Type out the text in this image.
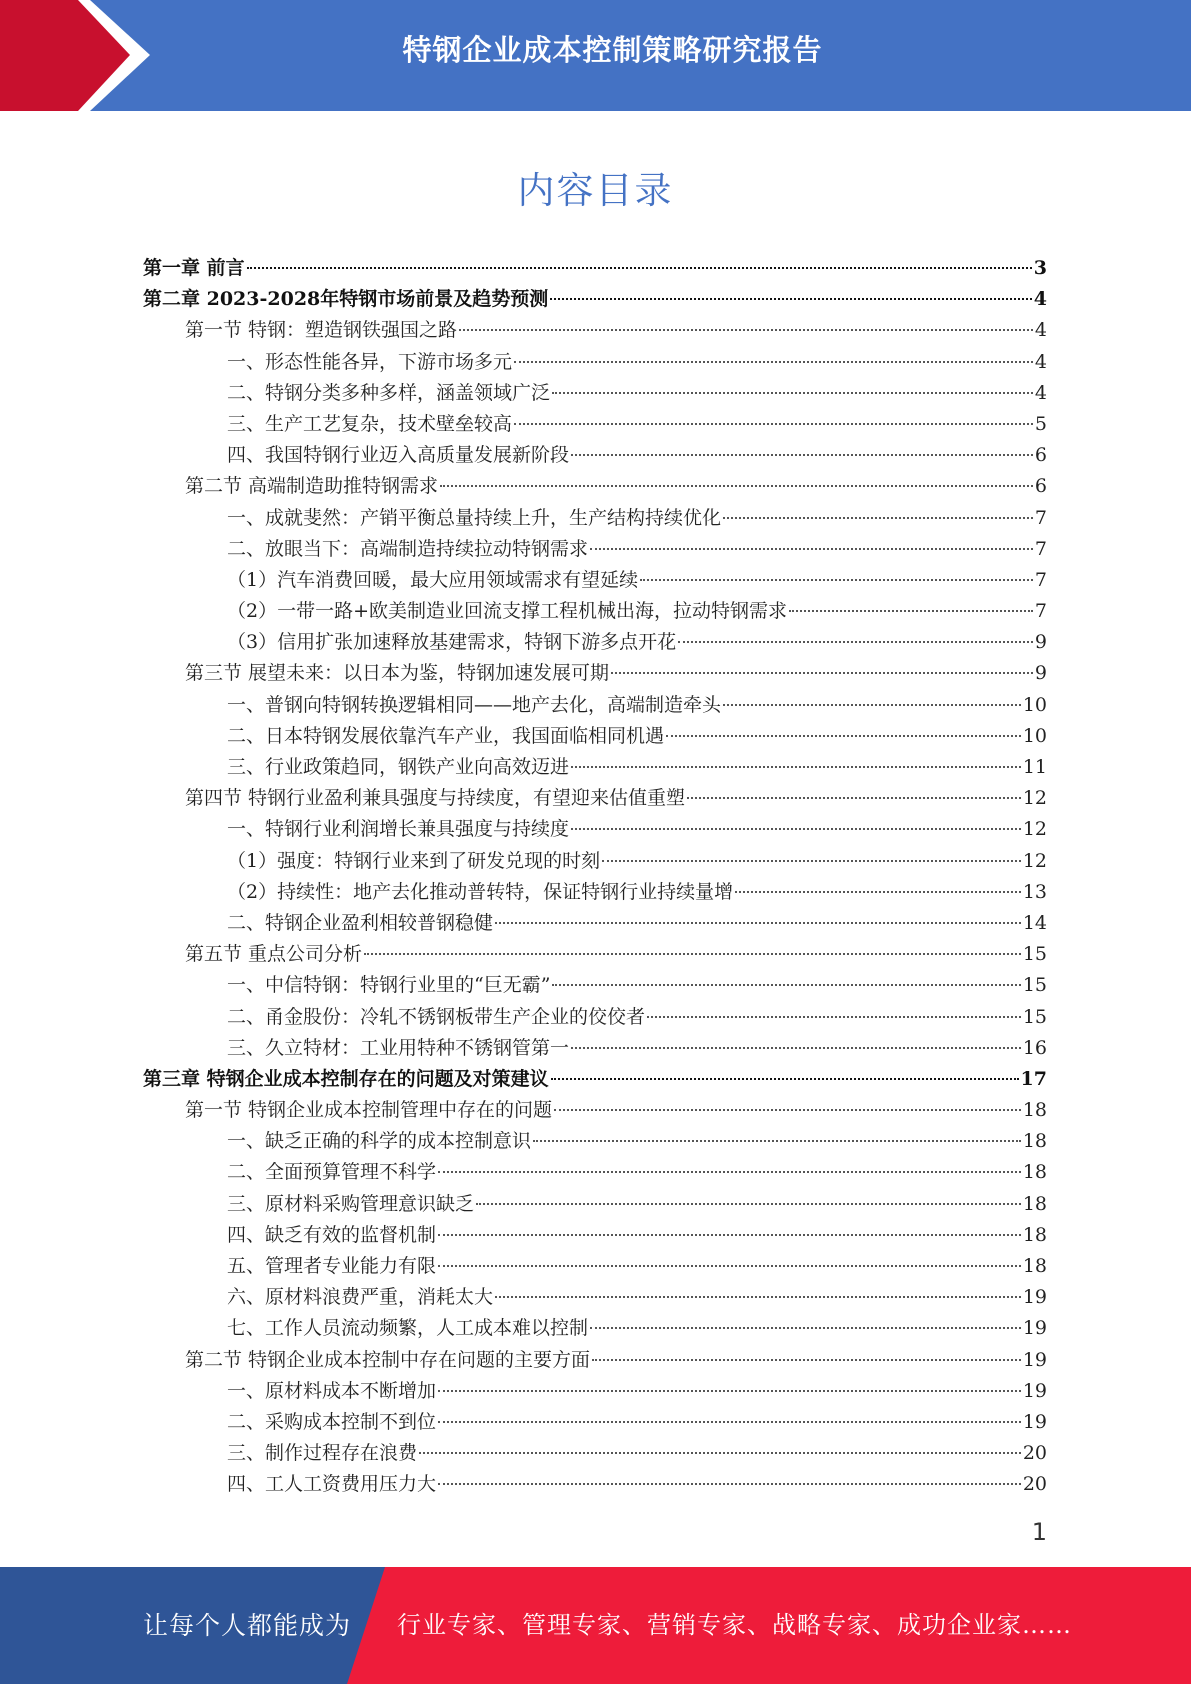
特钢企业成本控制策略研究报告
内容目录
第一章 前言	3
第二章 2023-2028年特钢市场前景及趋势预测	4
第一节 特钢：塑造钢铁强国之路	4
一、形态性能各异，下游市场多元	4
二、特钢分类多种多样，涵盖领域广泛	4
三、生产工艺复杂，技术壁垒较高	5
四、我国特钢行业迈入高质量发展新阶段	6
第二节 高端制造助推特钢需求	6
一、成就斐然：产销平衡总量持续上升，生产结构持续优化	7
二、放眼当下：高端制造持续拉动特钢需求	7
（1）汽车消费回暖，最大应用领域需求有望延续	7
（2）一带一路+欧美制造业回流支撑工程机械出海，拉动特钢需求	7
（3）信用扩张加速释放基建需求，特钢下游多点开花	9
第三节 展望未来：以日本为鉴，特钢加速发展可期	9
一、普钢向特钢转换逻辑相同——地产去化，高端制造牵头	10
二、日本特钢发展依靠汽车产业，我国面临相同机遇	10
三、行业政策趋同，钢铁产业向高效迈进	11
第四节 特钢行业盈利兼具强度与持续度，有望迎来估值重塑	12
一、特钢行业利润增长兼具强度与持续度	12
（1）强度：特钢行业来到了研发兑现的时刻	12
（2）持续性：地产去化推动普转特，保证特钢行业持续量增	13
二、特钢企业盈利相较普钢稳健	14
第五节 重点公司分析	15
一、中信特钢：特钢行业里的“巨无霸”	15
二、甬金股份：冷轧不锈钢板带生产企业的佼佼者	15
三、久立特材：工业用特种不锈钢管第一	16
第三章 特钢企业成本控制存在的问题及对策建议	17
第一节 特钢企业成本控制管理中存在的问题	18
一、缺乏正确的科学的成本控制意识	18
二、全面预算管理不科学	18
三、原材料采购管理意识缺乏	18
四、缺乏有效的监督机制	18
五、管理者专业能力有限	18
六、原材料浪费严重，消耗太大	19
七、工作人员流动频繁，人工成本难以控制	19
第二节 特钢企业成本控制中存在问题的主要方面	19
一、原材料成本不断增加	19
二、采购成本控制不到位	19
三、制作过程存在浪费	20
四、工人工资费用压力大	20
1
让每个人都能成为 行业专家、管理专家、营销专家、战略专家、成功企业家……
